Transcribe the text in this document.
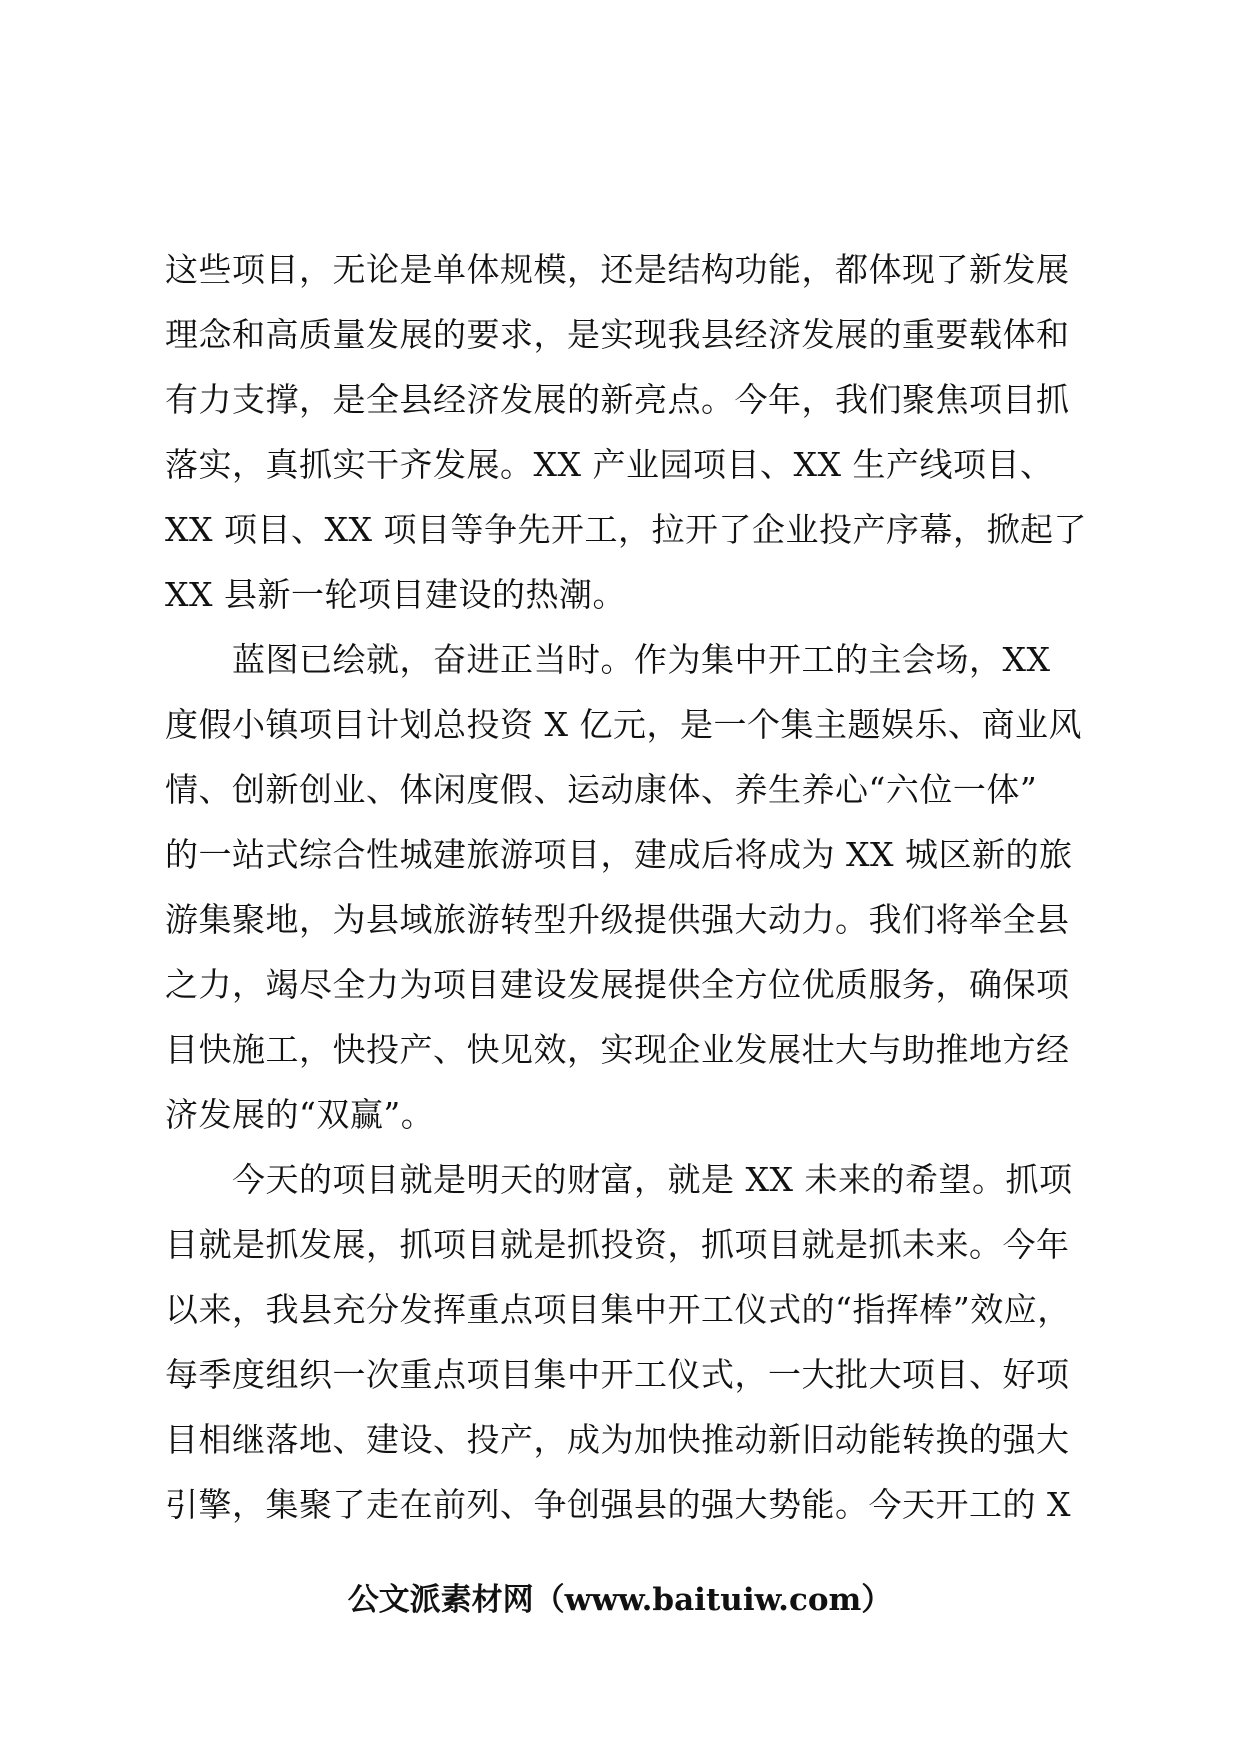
这些项目，无论是单体规模，还是结构功能，都体现了新发展
理念和高质量发展的要求，是实现我县经济发展的重要载体和
有力支撑，是全县经济发展的新亮点。今年，我们聚焦项目抓
落实，真抓实干齐发展。XX 产业园项目、XX 生产线项目、
XX 项目、XX 项目等争先开工，拉开了企业投产序幕，掀起了
XX 县新一轮项目建设的热潮。
　　蓝图已绘就，奋进正当时。作为集中开工的主会场，XX
度假小镇项目计划总投资 X 亿元，是一个集主题娱乐、商业风
情、创新创业、体闲度假、运动康体、养生养心“六位一体”
的一站式综合性城建旅游项目，建成后将成为 XX 城区新的旅
游集聚地，为县域旅游转型升级提供强大动力。我们将举全县
之力，竭尽全力为项目建设发展提供全方位优质服务，确保项
目快施工，快投产、快见效，实现企业发展壮大与助推地方经
济发展的“双赢”。
　　今天的项目就是明天的财富，就是 XX 未来的希望。抓项
目就是抓发展，抓项目就是抓投资，抓项目就是抓未来。今年
以来，我县充分发挥重点项目集中开工仪式的“指挥棒”效应，
每季度组织一次重点项目集中开工仪式，一大批大项目、好项
目相继落地、建设、投产，成为加快推动新旧动能转换的强大
引擎，集聚了走在前列、争创强县的强大势能。今天开工的 X
公文派素材网（www.baituiw.com）
